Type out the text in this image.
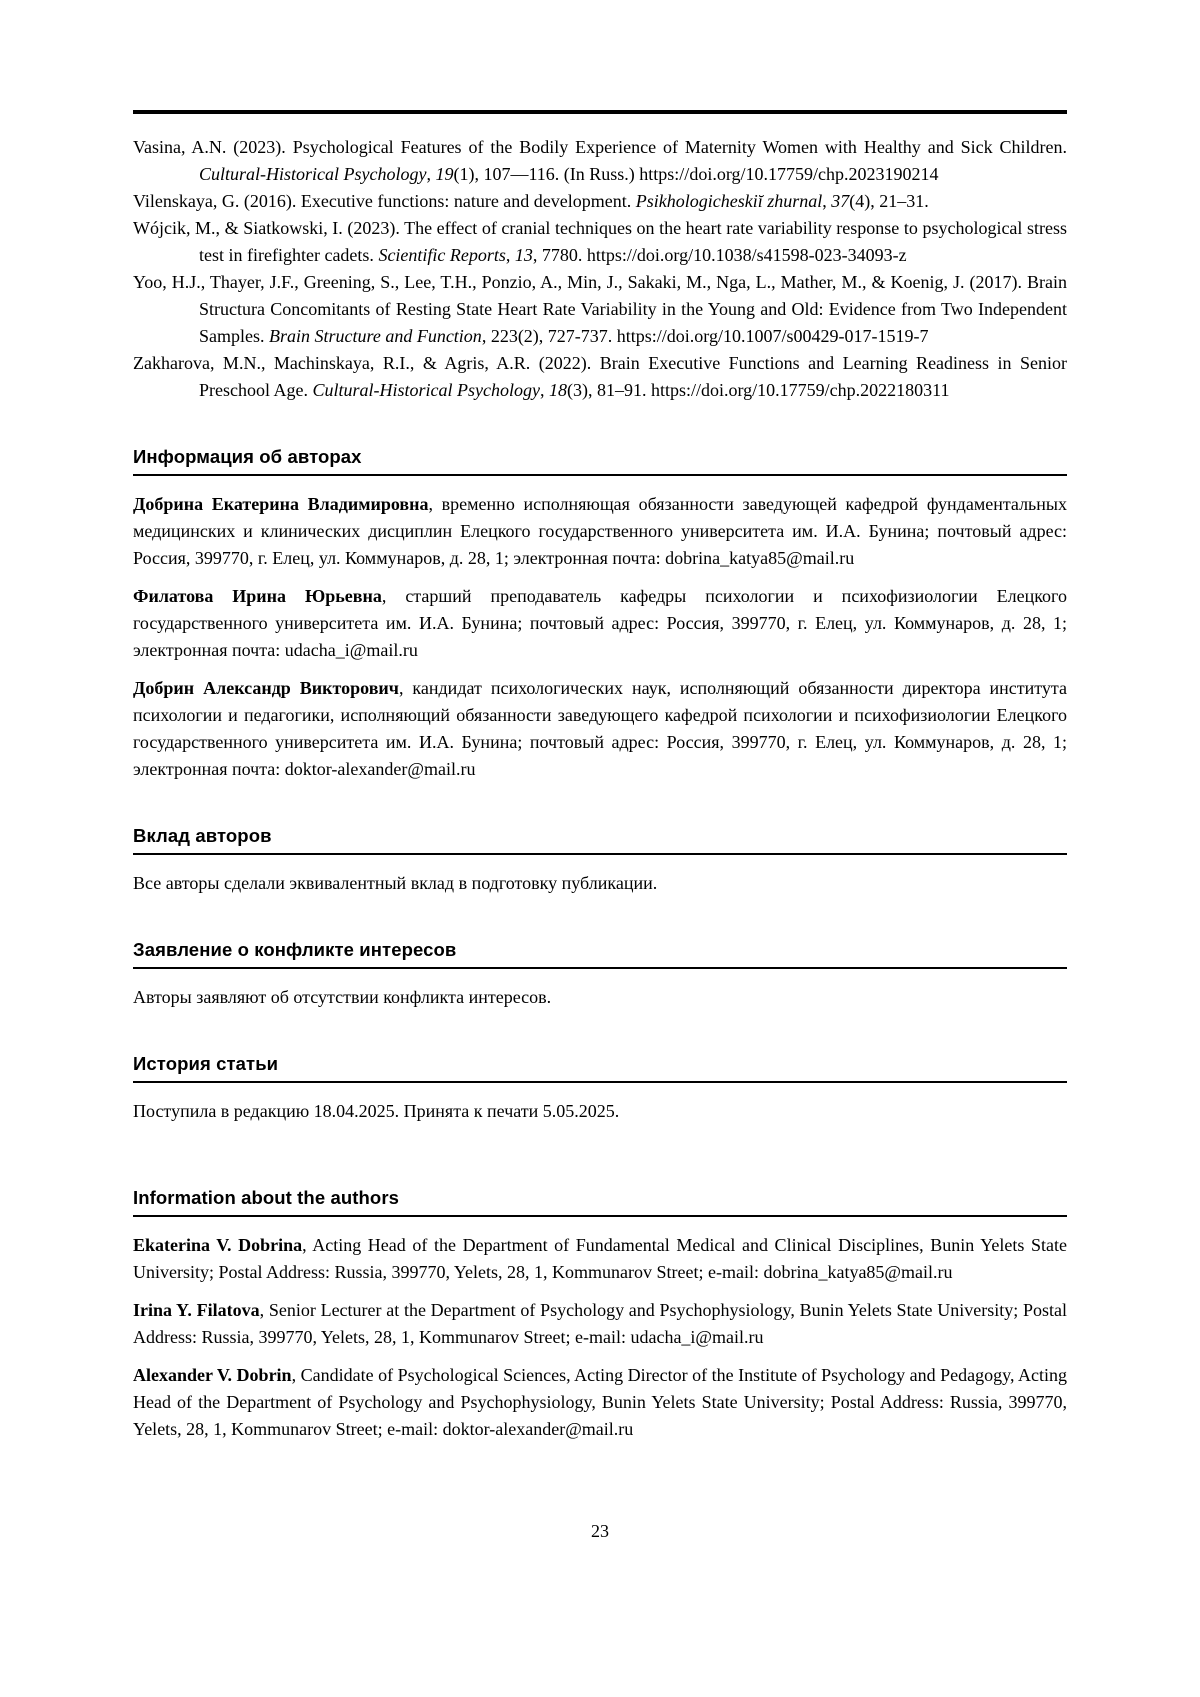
Vasina, A.N. (2023). Psychological Features of the Bodily Experience of Maternity Women with Healthy and Sick Children. Cultural-Historical Psychology, 19(1), 107—116. (In Russ.) https://doi.org/10.17759/chp.2023190214

Vilenskaya, G. (2016). Executive functions: nature and development. Psikhologicheskiĭ zhurnal, 37(4), 21–31.

Wójcik, M., & Siatkowski, I. (2023). The effect of cranial techniques on the heart rate variability response to psychological stress test in firefighter cadets. Scientific Reports, 13, 7780. https://doi.org/10.1038/s41598-023-34093-z

Yoo, H.J., Thayer, J.F., Greening, S., Lee, T.H., Ponzio, A., Min, J., Sakaki, M., Nga, L., Mather, M., & Koenig, J. (2017). Brain Structura Concomitants of Resting State Heart Rate Variability in the Young and Old: Evidence from Two Independent Samples. Brain Structure and Function, 223(2), 727-737. https://doi.org/10.1007/s00429-017-1519-7

Zakharova, M.N., Machinskaya, R.I., & Agris, A.R. (2022). Brain Executive Functions and Learning Readiness in Senior Preschool Age. Cultural-Historical Psychology, 18(3), 81–91. https://doi.org/10.17759/chp.2022180311

Информация об авторах

Добрина Екатерина Владимировна, временно исполняющая обязанности заведующей кафедрой фундаментальных медицинских и клинических дисциплин Елецкого государственного университета им. И.А. Бунина; почтовый адрес: Россия, 399770, г. Елец, ул. Коммунаров, д. 28, 1; электронная почта: dobrina_katya85@mail.ru

Филатова Ирина Юрьевна, старший преподаватель кафедры психологии и психофизиологии Елецкого государственного университета им. И.А. Бунина; почтовый адрес: Россия, 399770, г. Елец, ул. Коммунаров, д. 28, 1; электронная почта: udacha_i@mail.ru

Добрин Александр Викторович, кандидат психологических наук, исполняющий обязанности директора института психологии и педагогики, исполняющий обязанности заведующего кафедрой психологии и психофизиологии Елецкого государственного университета им. И.А. Бунина; почтовый адрес: Россия, 399770, г. Елец, ул. Коммунаров, д. 28, 1; электронная почта: doktor-alexander@mail.ru

Вклад авторов

Все авторы сделали эквивалентный вклад в подготовку публикации.

Заявление о конфликте интересов

Авторы заявляют об отсутствии конфликта интересов.

История статьи

Поступила в редакцию 18.04.2025. Принята к печати 5.05.2025.

Information about the authors

Ekaterina V. Dobrina, Acting Head of the Department of Fundamental Medical and Clinical Disciplines, Bunin Yelets State University; Postal Address: Russia, 399770, Yelets, 28, 1, Kommunarov Street; e-mail: dobrina_katya85@mail.ru

Irina Y. Filatova, Senior Lecturer at the Department of Psychology and Psychophysiology, Bunin Yelets State University; Postal Address: Russia, 399770, Yelets, 28, 1, Kommunarov Street; e-mail: udacha_i@mail.ru

Alexander V. Dobrin, Candidate of Psychological Sciences, Acting Director of the Institute of Psychology and Pedagogy, Acting Head of the Department of Psychology and Psychophysiology, Bunin Yelets State University; Postal Address: Russia, 399770, Yelets, 28, 1, Kommunarov Street; e-mail: doktor-alexander@mail.ru

23
